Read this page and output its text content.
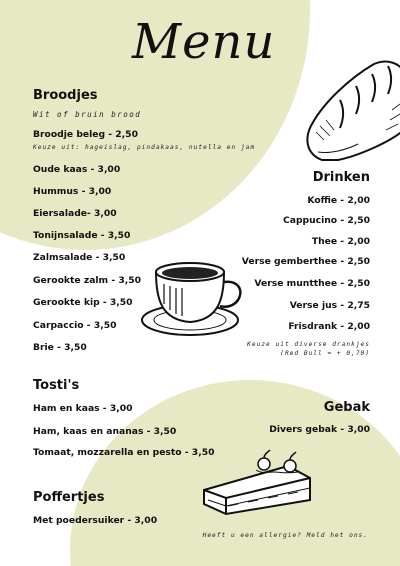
Menu
Broodjes
Wit of bruin brood
Broodje beleg - 2,50
Keuze uit: hageislag, pindakaas, nutella en jam
Oude kaas - 3,00
Hummus - 3,00
Eiersalade- 3,00
Tonijnsalade - 3,50
Zalmsalade - 3,50
Gerookte zalm - 3,50
Gerookte kip - 3,50
Carpaccio - 3,50
Brie - 3,50
Drinken
Koffie - 2,00
Cappucino - 2,50
Thee - 2,00
Verse gemberthee - 2,50
Verse muntthee - 2,50
Verse jus - 2,75
Frisdrank - 2,00
Keuze uit diverse drankjes
(Red Bull = + 0,70)
Tosti's
Ham en kaas - 3,00
Ham, kaas en ananas - 3,50
Tomaat, mozzarella en pesto - 3,50
Gebak
Divers gebak - 3,00
Poffertjes
Met poedersuiker - 3,00
Heeft u een allergie? Meld het ons.
